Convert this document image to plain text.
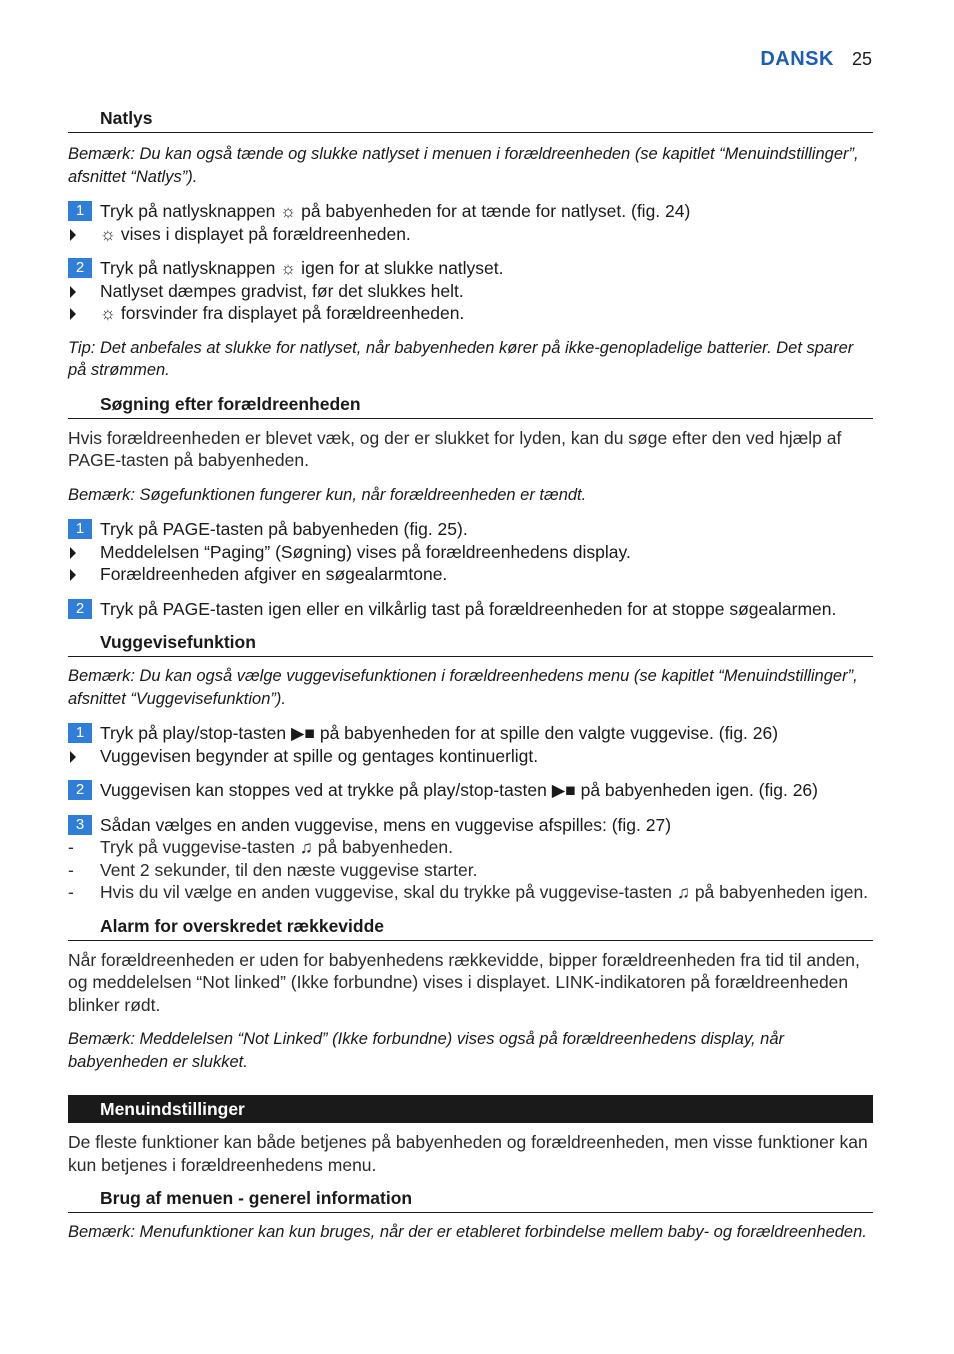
DANSK 25
Natlys

Bemærk: Du kan også tænde og slukke natlyset i menuen i forældreenheden (se kapitlet “Menuindstillinger”, afsnittet “Natlys”).

1 Tryk på natlysknappen ☼ på babyenheden for at tænde for natlyset. (fig. 24)
☼ vises i displayet på forældreenheden.
2 Tryk på natlysknappen ☼ igen for at slukke natlyset.
Natlyset dæmpes gradvist, før det slukkes helt.
☼ forsvinder fra displayet på forældreenheden.

Tip: Det anbefales at slukke for natlyset, når babyenheden kører på ikke-genopladelige batterier. Det sparer på strømmen.

Søgning efter forældreenheden

Hvis forældreenheden er blevet væk, og der er slukket for lyden, kan du søge efter den ved hjælp af PAGE-tasten på babyenheden.

Bemærk: Søgefunktionen fungerer kun, når forældreenheden er tændt.

1 Tryk på PAGE-tasten på babyenheden (fig. 25).
Meddelelsen “Paging” (Søgning) vises på forældreenhedens display.
Forældreenheden afgiver en søgealarmtone.
2 Tryk på PAGE-tasten igen eller en vilkårlig tast på forældreenheden for at stoppe søgealarmen.
Vuggevisefunktion

Bemærk: Du kan også vælge vuggevisefunktionen i forældreenhedens menu (se kapitlet “Menuindstillinger”, afsnittet “Vuggevisefunktion”).

1 Tryk på play/stop-tasten ▶■ på babyenheden for at spille den valgte vuggevise. (fig. 26)
Vuggevisen begynder at spille og gentages kontinuerligt.
2 Vuggevisen kan stoppes ved at trykke på play/stop-tasten ▶■ på babyenheden igen. (fig. 26)
3 Sådan vælges en anden vuggevise, mens en vuggevise afspilles: (fig. 27)
-	Tryk på vuggevise-tasten ♫ på babyenheden.
-	Vent 2 sekunder, til den næste vuggevise starter.
-	Hvis du vil vælge en anden vuggevise, skal du trykke på vuggevise-tasten ♫ på babyenheden igen.
Alarm for overskredet rækkevidde

Når forældreenheden er uden for babyenhedens rækkevidde, bipper forældreenheden fra tid til anden, og meddelelsen “Not linked” (Ikke forbundne) vises i displayet. LINK-indikatoren på forældreenheden blinker rødt.

Bemærk: Meddelelsen “Not Linked” (Ikke forbundne) vises også på forældreenhedens display, når babyenheden er slukket.

Menuindstillinger

De fleste funktioner kan både betjenes på babyenheden og forældreenheden, men visse funktioner kan kun betjenes i forældreenhedens menu.

Brug af menuen - generel information

Bemærk: Menufunktioner kan kun bruges, når der er etableret forbindelse mellem baby- og forældreenheden.
